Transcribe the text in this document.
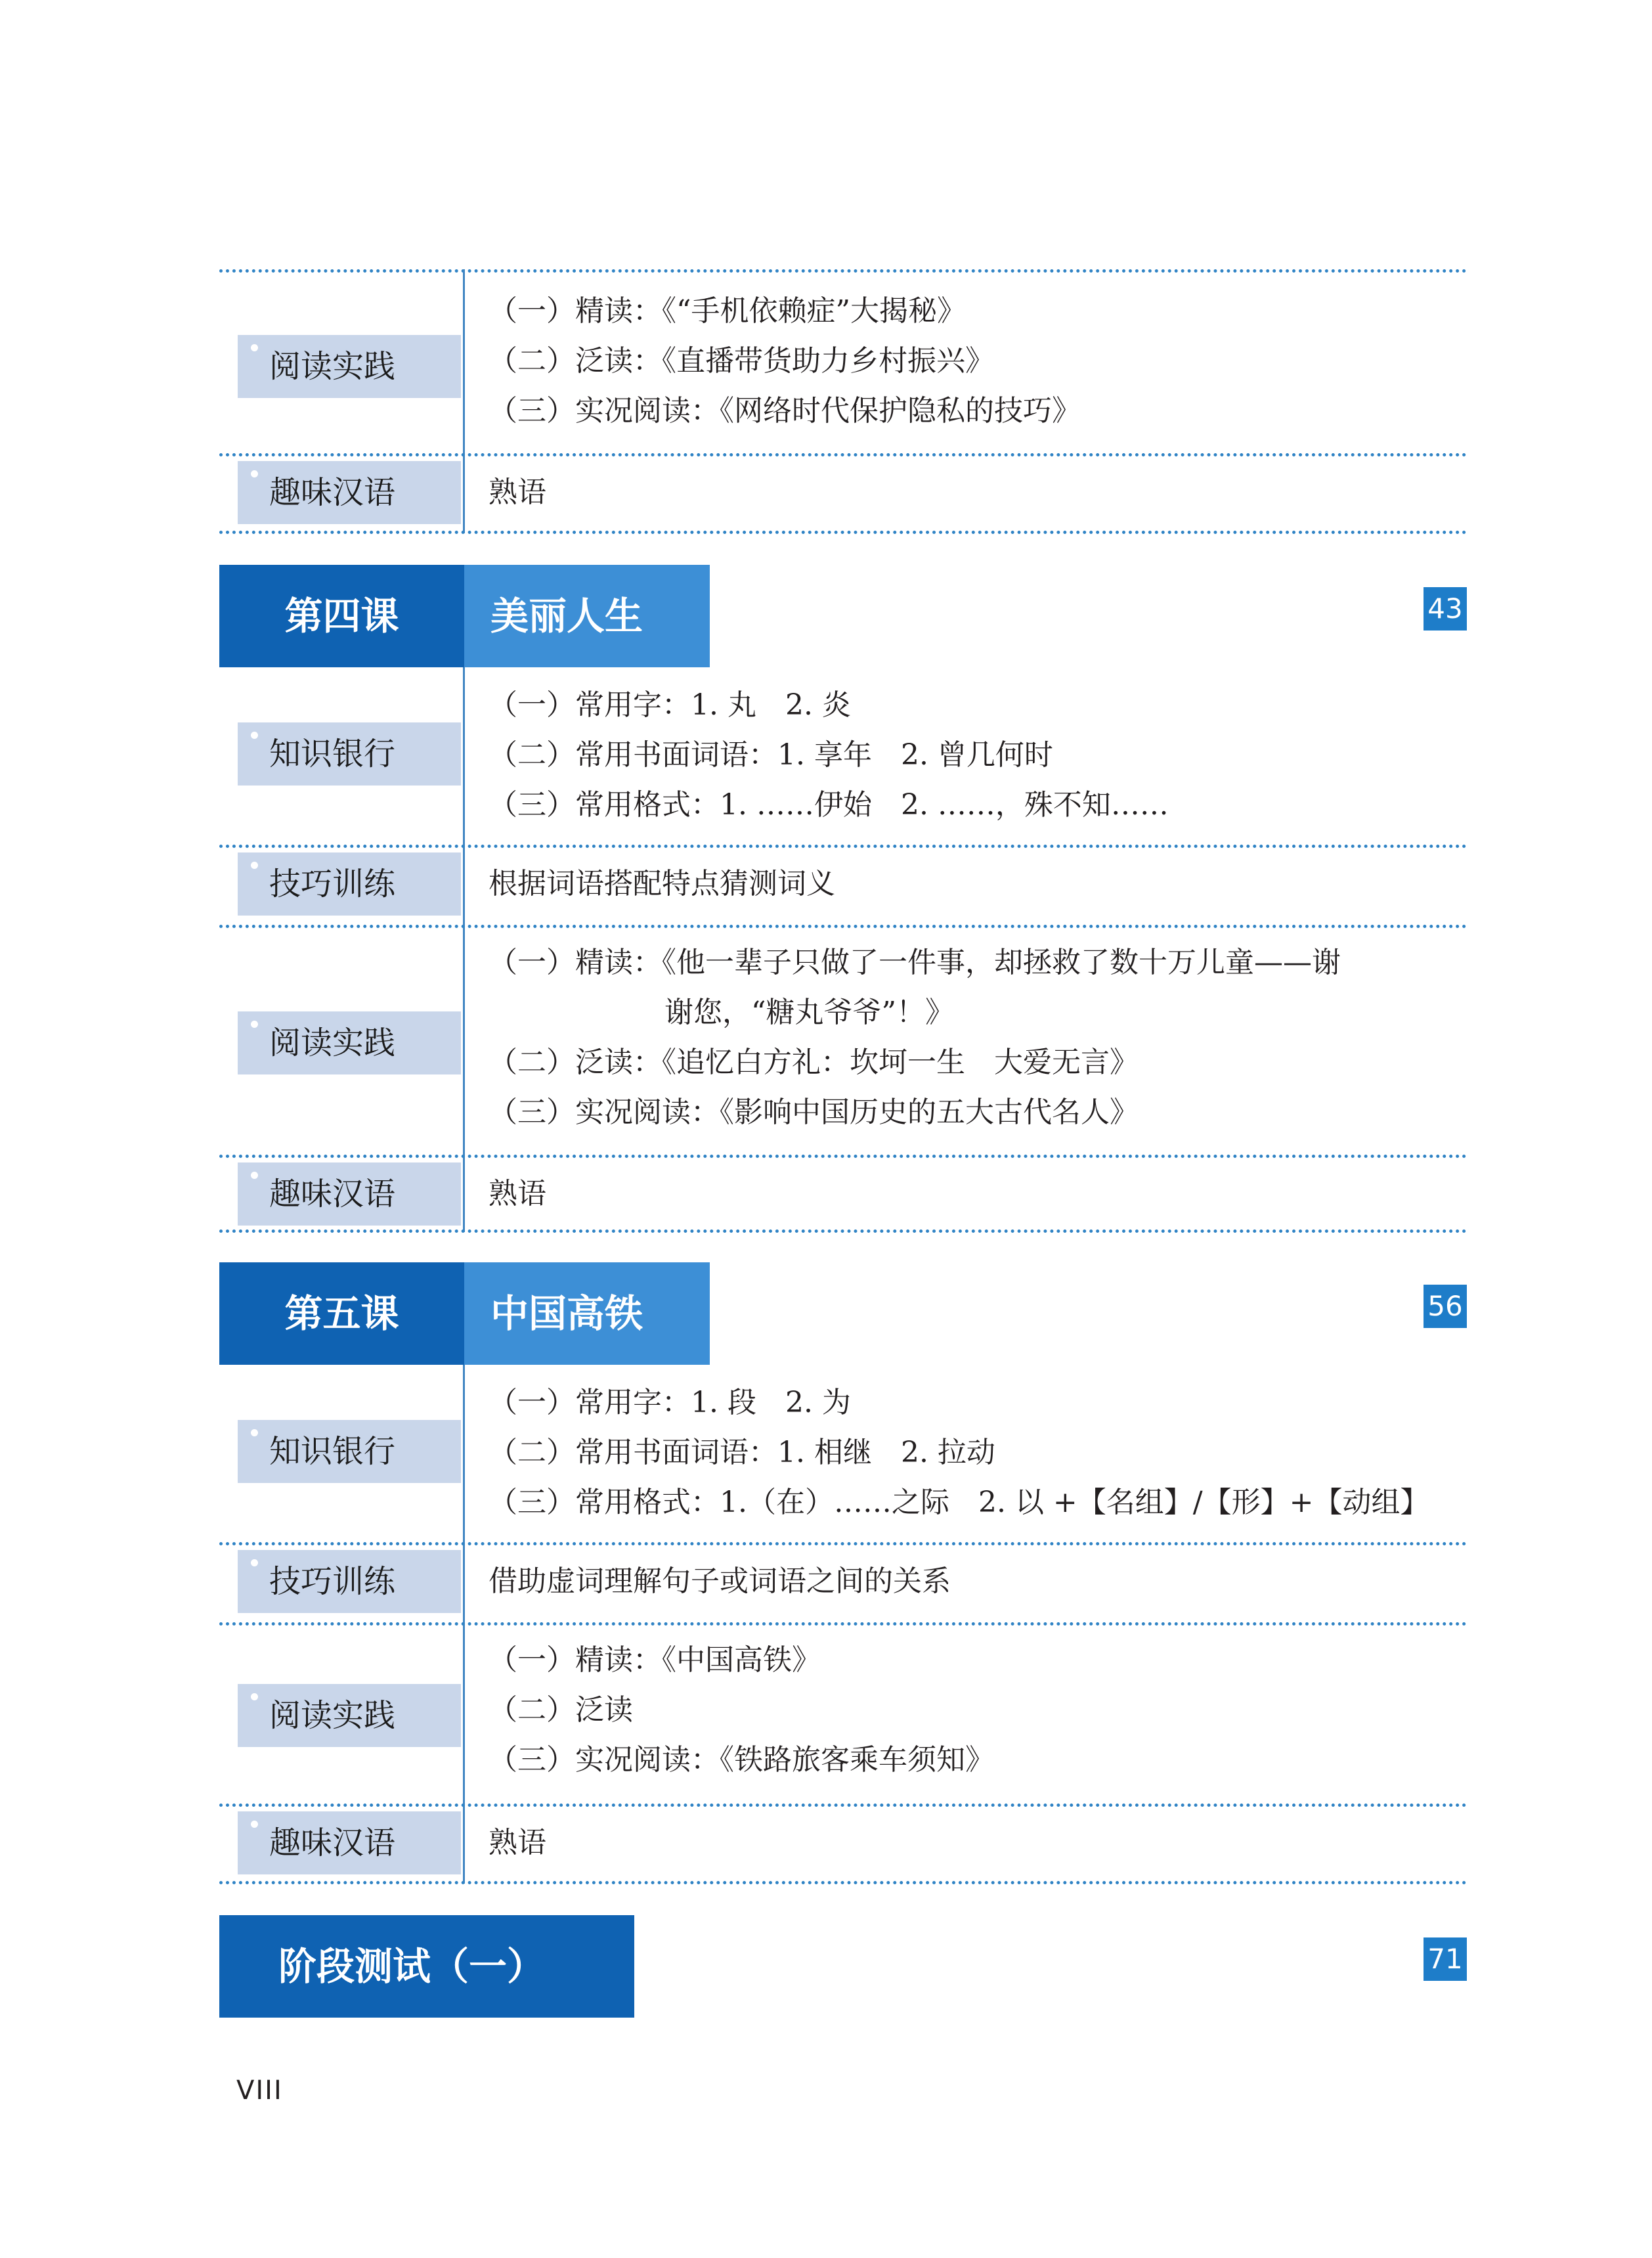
阅读实践
（一）精读：《“手机依赖症”大揭秘》
（二）泛读：《直播带货助力乡村振兴》
（三）实况阅读：《网络时代保护隐私的技巧》
趣味汉语	熟语
第四课	美丽人生	43
知识银行
（一）常用字：1. 丸　2. 炎
（二）常用书面词语：1. 享年　2. 曾几何时
（三）常用格式：1. ……伊始　2. ……，殊不知……
技巧训练	根据词语搭配特点猜测词义
阅读实践
（一）精读：《他一辈子只做了一件事，却拯救了数十万儿童——谢
谢您，“糖丸爷爷”！》
（二）泛读：《追忆白方礼：坎坷一生　大爱无言》
（三）实况阅读：《影响中国历史的五大古代名人》
趣味汉语	熟语
第五课	中国高铁	56
知识银行
（一）常用字：1. 段　2. 为
（二）常用书面词语：1. 相继　2. 拉动
（三）常用格式：1.（在）……之际　2. 以 +【名组】/【形】+【动组】
技巧训练	借助虚词理解句子或词语之间的关系
阅读实践
（一）精读：《中国高铁》
（二）泛读
（三）实况阅读：《铁路旅客乘车须知》
趣味汉语	熟语
阶段测试（一）	71
VIII
